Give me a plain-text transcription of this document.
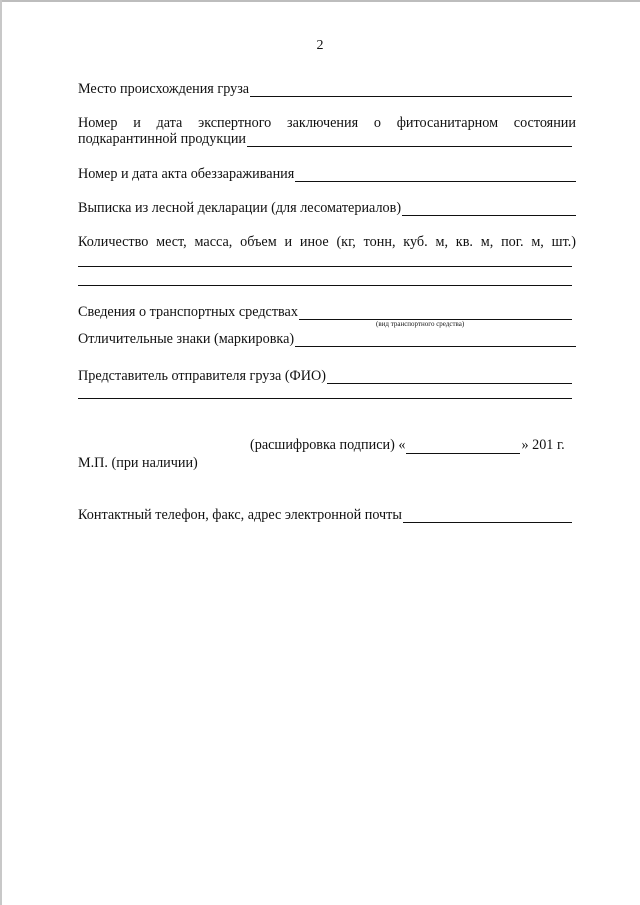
2
Место происхождения груза
Номер и дата экспертного заключения о фитосанитарном состоянии
подкарантинной продукции
Номер и дата акта обеззараживания
Выписка из лесной декларации (для лесоматериалов)
Количество мест, масса, объем и иное (кг, тонн, куб. м, кв. м, пог. м, шт.)
Сведения о транспортных средствах
(вид транспортного средства)
Отличительные знаки (маркировка)
Представитель отправителя груза (ФИО)
(расшифровка подписи) «	» 201 г.
М.П. (при наличии)
Контактный телефон, факс, адрес электронной почты
